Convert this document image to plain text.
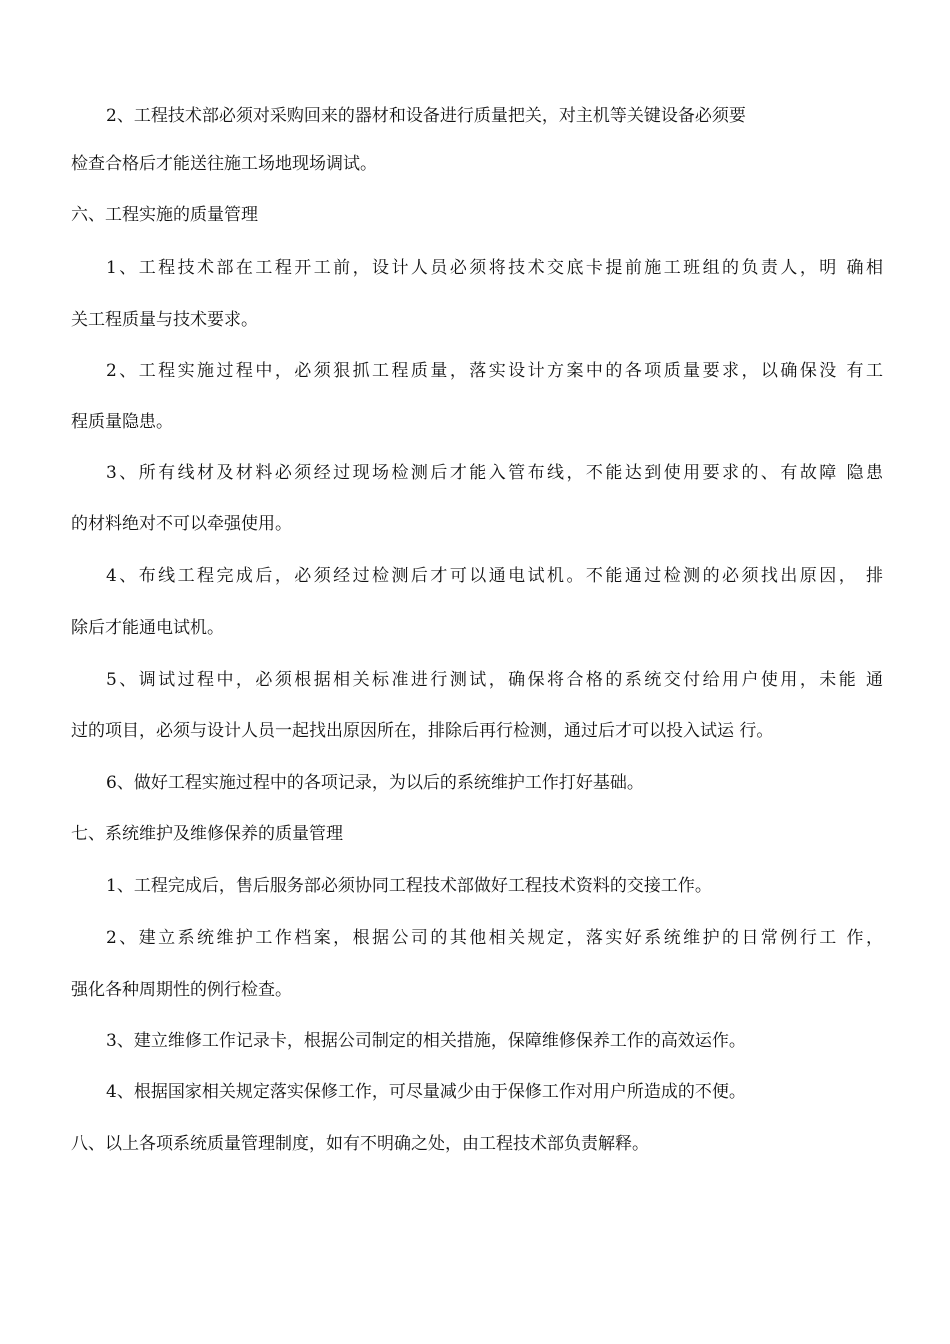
2、工程技术部必须对采购回来的器材和设备进行质量把关，对主机等关键设备必须要
检查合格后才能送往施工场地现场调试。
六、工程实施的质量管理
1、工程技术部在工程开工前，设计人员必须将技术交底卡提前施工班组的负责人，明 确相
关工程质量与技术要求。
2、工程实施过程中，必须狠抓工程质量，落实设计方案中的各项质量要求，以确保没 有工
程质量隐患。
3、所有线材及材料必须经过现场检测后才能入管布线，不能达到使用要求的、有故障 隐患
的材料绝对不可以牵强使用。
4、布线工程完成后，必须经过检测后才可以通电试机。不能通过检测的必须找出原因， 排
除后才能通电试机。
5、调试过程中，必须根据相关标准进行测试，确保将合格的系统交付给用户使用，未能 通
过的项目，必须与设计人员一起找出原因所在，排除后再行检测，通过后才可以投入试运 行。
6、做好工程实施过程中的各项记录，为以后的系统维护工作打好基础。
七、系统维护及维修保养的质量管理
1、工程完成后，售后服务部必须协同工程技术部做好工程技术资料的交接工作。
2、建立系统维护工作档案，根据公司的其他相关规定，落实好系统维护的日常例行工 作，
强化各种周期性的例行检查。
3、建立维修工作记录卡，根据公司制定的相关措施，保障维修保养工作的高效运作。
4、根据国家相关规定落实保修工作，可尽量减少由于保修工作对用户所造成的不便。
八、以上各项系统质量管理制度，如有不明确之处，由工程技术部负责解释。
